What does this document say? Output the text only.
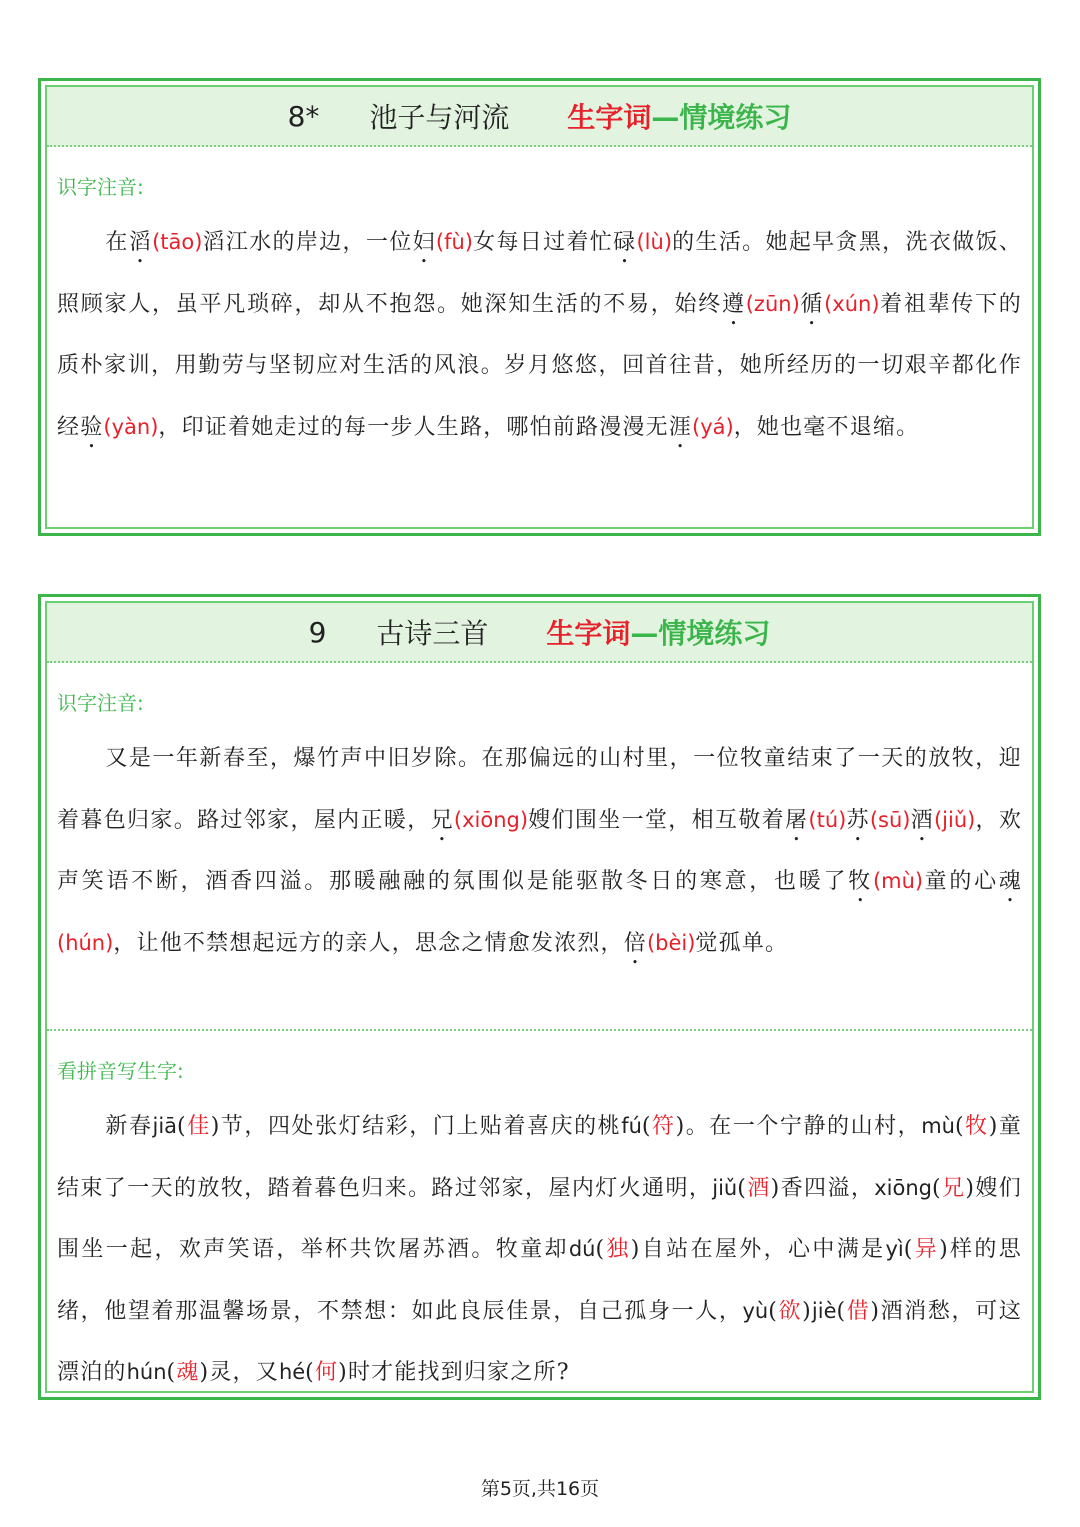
8* 池子与河流 生字词 —情境练习
识字注音:
在滔(tāo)滔江水的岸边，一位妇(fù)女每日过着忙碌(lù)的生活。她起早贪黑，洗衣做饭、照顾家人，虽平凡琐碎，却从不抱怨。她深知生活的不易，始终遵(zūn)循(xún)着祖辈传下的质朴家训，用勤劳与坚韧应对生活的风浪。岁月悠悠，回首往昔，她所经历的一切艰辛都化作经验(yàn)，印证着她走过的每一步人生路，哪怕前路漫漫无涯(yá)，她也毫不退缩。
9 古诗三首 生字词 —情境练习
识字注音:
又是一年新春至，爆竹声中旧岁除。在那偏远的山村里，一位牧童结束了一天的放牧，迎着暮色归家。路过邻家，屋内正暖，兄(xiōng)嫂们围坐一堂，相互敬着屠(tú)苏(sū)酒(jiǔ)，欢声笑语不断，酒香四溢。那暖融融的氛围似是能驱散冬日的寒意，也暖了牧(mù)童的心魂(hún)，让他不禁想起远方的亲人，思念之情愈发浓烈，倍(bèi)觉孤单。
看拼音写生字:
新春jiā(佳)节，四处张灯结彩，门上贴着喜庆的桃fú(符)。在一个宁静的山村，mù(牧)童结束了一天的放牧，踏着暮色归来。路过邻家，屋内灯火通明，jiǔ(酒)香四溢，xiōng(兄)嫂们围坐一起，欢声笑语，举杯共饮屠苏酒。牧童却dú(独)自站在屋外，心中满是yì(异)样的思绪，他望着那温馨场景，不禁想：如此良辰佳景，自己孤身一人，yù(欲)jiè(借)酒消愁，可这漂泊的hún(魂)灵，又hé(何)时才能找到归家之所?
第5页,共16页
